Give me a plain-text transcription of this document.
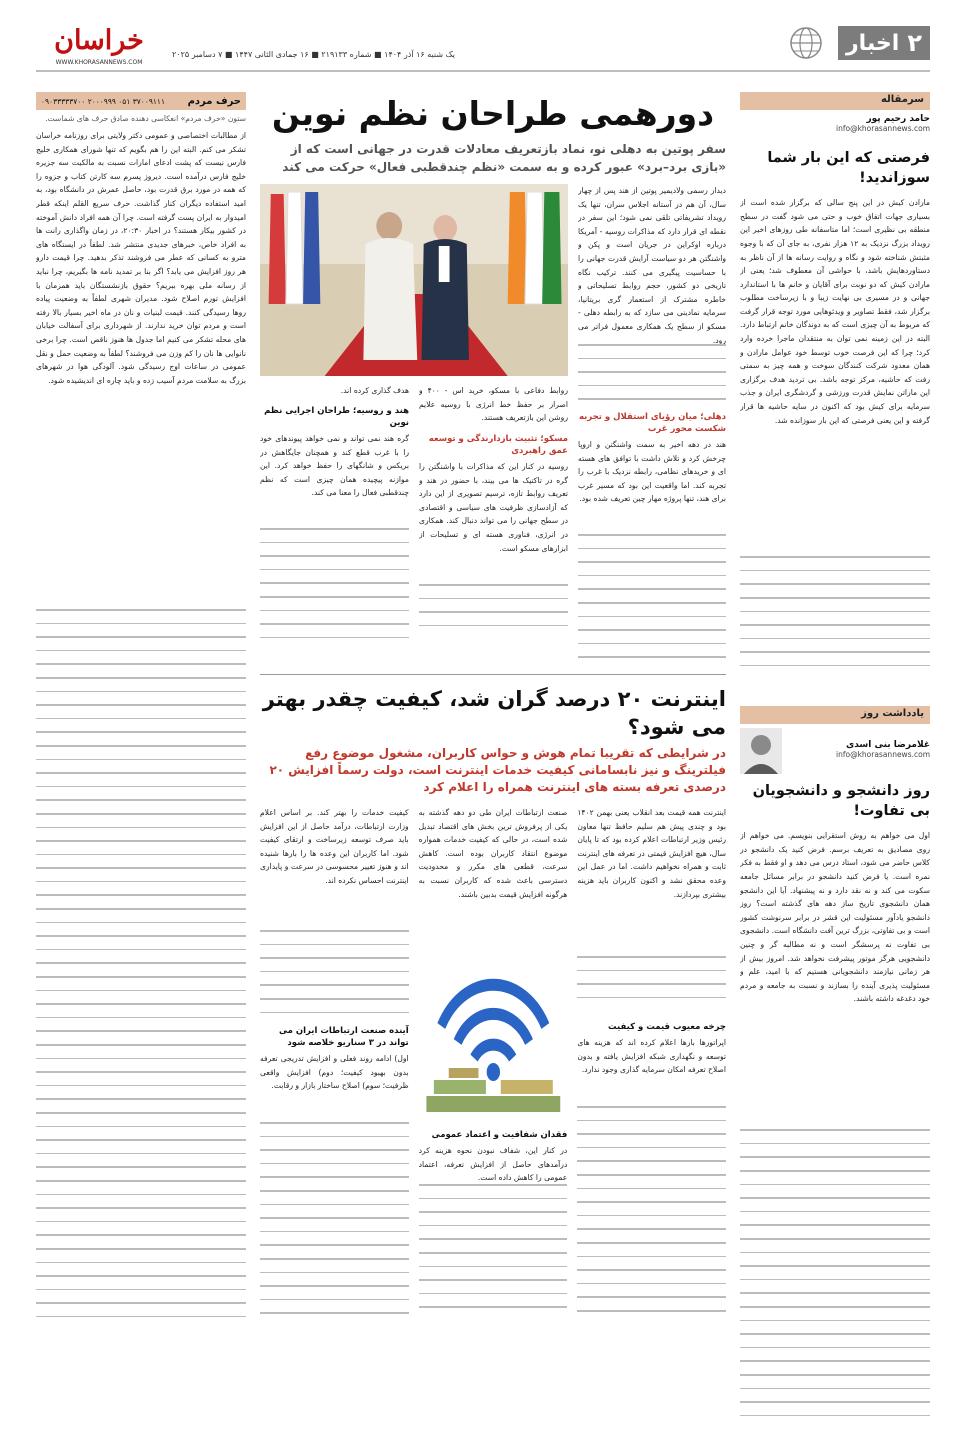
۲
اخبار
خراسان
WWW.KHORASANNEWS.COM
یک شنبه ۱۶ آذر ۱۴۰۴ ■ شماره ۲۱۹۱۳۳ ■ ۱۶ جمادی الثانی ۱۴۴۷ ■ ۷ دسامبر ۲۰۲۵
سرمقاله
حامد رحیم پور
info@khorasannews.com
فرصتی که این بار شما سوزاندید!
مارادن کیش در این پنج سالی که برگزار شده است از بسیاری جهات اتفاق خوب و حتی می شود گفت در سطح منطقه بی نظیری است؛ اما متاسفانه طی روزهای اخیر این رویداد بزرگ نزدیک به ۱۲ هزار نفری، به جای آن که با وجوه مثبتش شناخته شود و نگاه و روایت رسانه ها از آن ناظر به دستاوردهایش باشد، با حواشی آن معطوف شد؛ یعنی از مارادن کیش که دو نوبت برای آقایان و خانم ها با استاندارد جهانی و در مسیری بی نهایت زیبا و با زیرساخت مطلوب برگزار شد، فقط تصاویر و ویدئوهایی مورد توجه قرار گرفت که مربوط به آن چیزی است که به دوندگان خانم ارتباط دارد. البته در این زمینه نمی توان به منتقدان ماجرا خرده وارد کرد؛ چرا که این فرصت خوب توسط خود عوامل مارادن و همان معدود شرکت کنندگان سوخت و همه چیز به سمتی رفت که حاشیه، مرکز توجه باشد. بی تردید هدف برگزاری این ماراتن نمایش قدرت ورزشی و گردشگری ایران و جذب سرمایه برای کیش بود که اکنون در سایه حاشیه ها قرار گرفته و این یعنی فرصتی که این بار سوزانده شد.
یادداشت روز
غلامرضا بنی اسدی
info@khorasannews.com
روز دانشجو و دانشجویان بی تفاوت!
اول می خواهم به روش استقرایی بنویسم. می خواهم از روی مصادیق به تعریف برسم. فرض کنید یک دانشجو در کلاس حاضر می شود، استاد درس می دهد و او فقط به فکر نمره است. یا فرض کنید دانشجو در برابر مسائل جامعه سکوت می کند و نه نقد دارد و نه پیشنهاد. آیا این دانشجو همان دانشجوی تاریخ ساز دهه های گذشته است؟ روز دانشجو یادآور مسئولیت این قشر در برابر سرنوشت کشور است و بی تفاوتی، بزرگ ترین آفت دانشگاه است. دانشجوی بی تفاوت نه پرسشگر است و نه مطالبه گر و چنین دانشجویی هرگز موتور پیشرفت نخواهد شد. امروز بیش از هر زمانی نیازمند دانشجویانی هستیم که با امید، علم و مسئولیت پذیری آینده را بسازند و نسبت به جامعه و مردم خود دغدغه داشته باشند.
حرف مردم
۰۹۰۳۳۳۳۳۷۰۰ ۲۰۰۰۹۹۹ ۰۵۱ ۳۷۰۰۹۱۱۱
ستون «حرف مردم» انعکاسی دهنده صادق حرف های شماست.
از مطالبات اختصاصی و عمومی دکتر ولایتی برای روزنامه خراسان تشکر می کنم. البته این را هم بگویم که تنها شورای همکاری خلیج فارس نیست که پشت ادعای امارات نسبت به مالکیت سه جزیره خلیج فارس درآمده است. دیروز پسرم سه کارتن کتاب و جزوه را که همه در مورد برق قدرت بود، حاصل عمرش در دانشگاه بود، به امید استفاده دیگران کنار گذاشت. حرف سریع القلم اینکه قطر امیدوار به ایران پست گرفته است. چرا آن همه افراد دانش آموخته در کشور بیکار هستند؟ در اخبار ۲۰:۳۰، در زمان واگذاری رانت ها به افراد خاص، خبرهای جدیدی منتشر شد. لطفاً در ایستگاه های مترو به کسانی که عطر می فروشند تذکر بدهید. چرا قیمت دارو هر روز افزایش می یابد؟ اگر بنا بر تمدید نامه ها بگیریم، چرا نباید از رسانه ملی بهره ببریم؟ حقوق بازنشستگان باید همزمان با افزایش تورم اصلاح شود. مدیران شهری لطفاً به وضعیت پیاده روها رسیدگی کنند. قیمت لبنیات و نان در ماه اخیر بسیار بالا رفته است و مردم توان خرید ندارند. از شهرداری برای آسفالت خیابان های محله تشکر می کنیم اما جدول ها هنوز ناقص است. چرا برخی نانوایی ها نان را کم وزن می فروشند؟ لطفاً به وضعیت حمل و نقل عمومی در ساعات اوج رسیدگی شود. آلودگی هوا در شهرهای بزرگ به سلامت مردم آسیب زده و باید چاره ای اندیشیده شود.
دورهمی طراحان نظم نوین
سفر پوتین به دهلی نو، نماد بازتعریف معادلات قدرت در جهانی است که از «بازی برد–برد» عبور کرده و به سمت «نظم چندقطبی فعال» حرکت می کند
دیدار رسمی ولادیمیر پوتین از هند پس از چهار سال، آن هم در آستانه اجلاس سران، تنها یک رویداد تشریفاتی تلقی نمی شود؛ این سفر در نقطه ای قرار دارد که مذاکرات روسیه - آمریکا درباره اوکراین در جریان است و پکن و واشنگتن هر دو سیاست آرایش قدرت جهانی را با حساسیت پیگیری می کنند. ترکیب نگاه تاریخی دو کشور، حجم روابط تسلیحاتی و خاطره مشترک از استعمار گری بریتانیا، سرمایه نمادینی می سازد که به رابطه دهلی - مسکو از سطح یک همکاری معمول فراتر می رود.
دهلی؛ میان رؤیای استقلال و تجربه شکست محور غرب
هند در دهه اخیر به سمت واشنگتن و اروپا چرخش کرد و تلاش داشت با توافق های هسته ای و خریدهای نظامی، رابطه نزدیک با غرب را تجربه کند. اما واقعیت این بود که مسیر غرب برای هند، تنها پروژه مهار چین تعریف شده بود.
روابط دفاعی با مسکو، خرید اس - ۴۰۰ و اصرار بر حفظ خط انرژی با روسیه علایم روشن این بازتعریف هستند.
مسکو؛ تثبیت بازدارندگی و توسعه عمق راهبردی
روسیه در کنار این که مذاکرات با واشنگتن را گره در تاکتیک ها می بیند، با حضور در هند و تعریف روابط تازه، ترسیم تصویری از این دارد که آزادسازی ظرفیت های سیاسی و اقتصادی در سطح جهانی را می تواند دنبال کند. همکاری در انرژی، فناوری هسته ای و تسلیحات از ابزارهای مسکو است.
هدف گذاری کرده اند.
هند و روسیه؛ طراحان اجرایی نظم نوین
گره هند نمی تواند و نمی خواهد پیوندهای خود را با غرب قطع کند و همچنان جایگاهش در بریکس و شانگهای را حفظ خواهد کرد. این موازنه پیچیده همان چیزی است که نظم چندقطبی فعال را معنا می کند.
اینترنت ۲۰ درصد گران شد، کیفیت چقدر بهتر می شود؟
در شرایطی که تقریبا تمام هوش و حواس کاربران، مشغول موضوع رفع فیلترینگ و نیز نابسامانی کیفیت خدمات اینترنت است، دولت رسماً افزایش ۲۰ درصدی تعرفه بسته های اینترنت همراه را اعلام کرد
اینترنت همه قیمت بعد انقلاب یعنی بهمن ۱۴۰۲ بود و چندی پیش هم سلیم حافظ تنها معاون رئیس وزیر ارتباطات اعلام کرده بود که تا پایان سال، هیچ افزایش قیمتی در تعرفه های اینترنت ثابت و همراه نخواهیم داشت. اما در عمل این وعده محقق نشد و اکنون کاربران باید هزینه بیشتری بپردازند.
چرخه معیوب قیمت و کیفیت
اپراتورها بارها اعلام کرده اند که هزینه های توسعه و نگهداری شبکه افزایش یافته و بدون اصلاح تعرفه امکان سرمایه گذاری وجود ندارد.
صنعت ارتباطات ایران طی دو دهه گذشته به یکی از پرفروش ترین بخش های اقتصاد تبدیل شده است، در حالی که کیفیت خدمات همواره موضوع انتقاد کاربران بوده است. کاهش سرعت، قطعی های مکرر و محدودیت دسترسی باعث شده که کاربران نسبت به هرگونه افزایش قیمت بدبین باشند.
فقدان شفافیت و اعتماد عمومی
در کنار این، شفاف نبودن نحوه هزینه کرد درآمدهای حاصل از افزایش تعرفه، اعتماد عمومی را کاهش داده است.
کیفیت خدمات را بهتر کند. بر اساس اعلام وزارت ارتباطات، درآمد حاصل از این افزایش باید صرف توسعه زیرساخت و ارتقای کیفیت شود. اما کاربران این وعده ها را بارها شنیده اند و هنوز تغییر محسوسی در سرعت و پایداری اینترنت احساس نکرده اند.
آینده صنعت ارتباطات ایران می تواند در ۳ سناریو خلاصه شود
اول) ادامه روند فعلی و افزایش تدریجی تعرفه بدون بهبود کیفیت؛ دوم) افزایش واقعی ظرفیت؛ سوم) اصلاح ساختار بازار و رقابت.
